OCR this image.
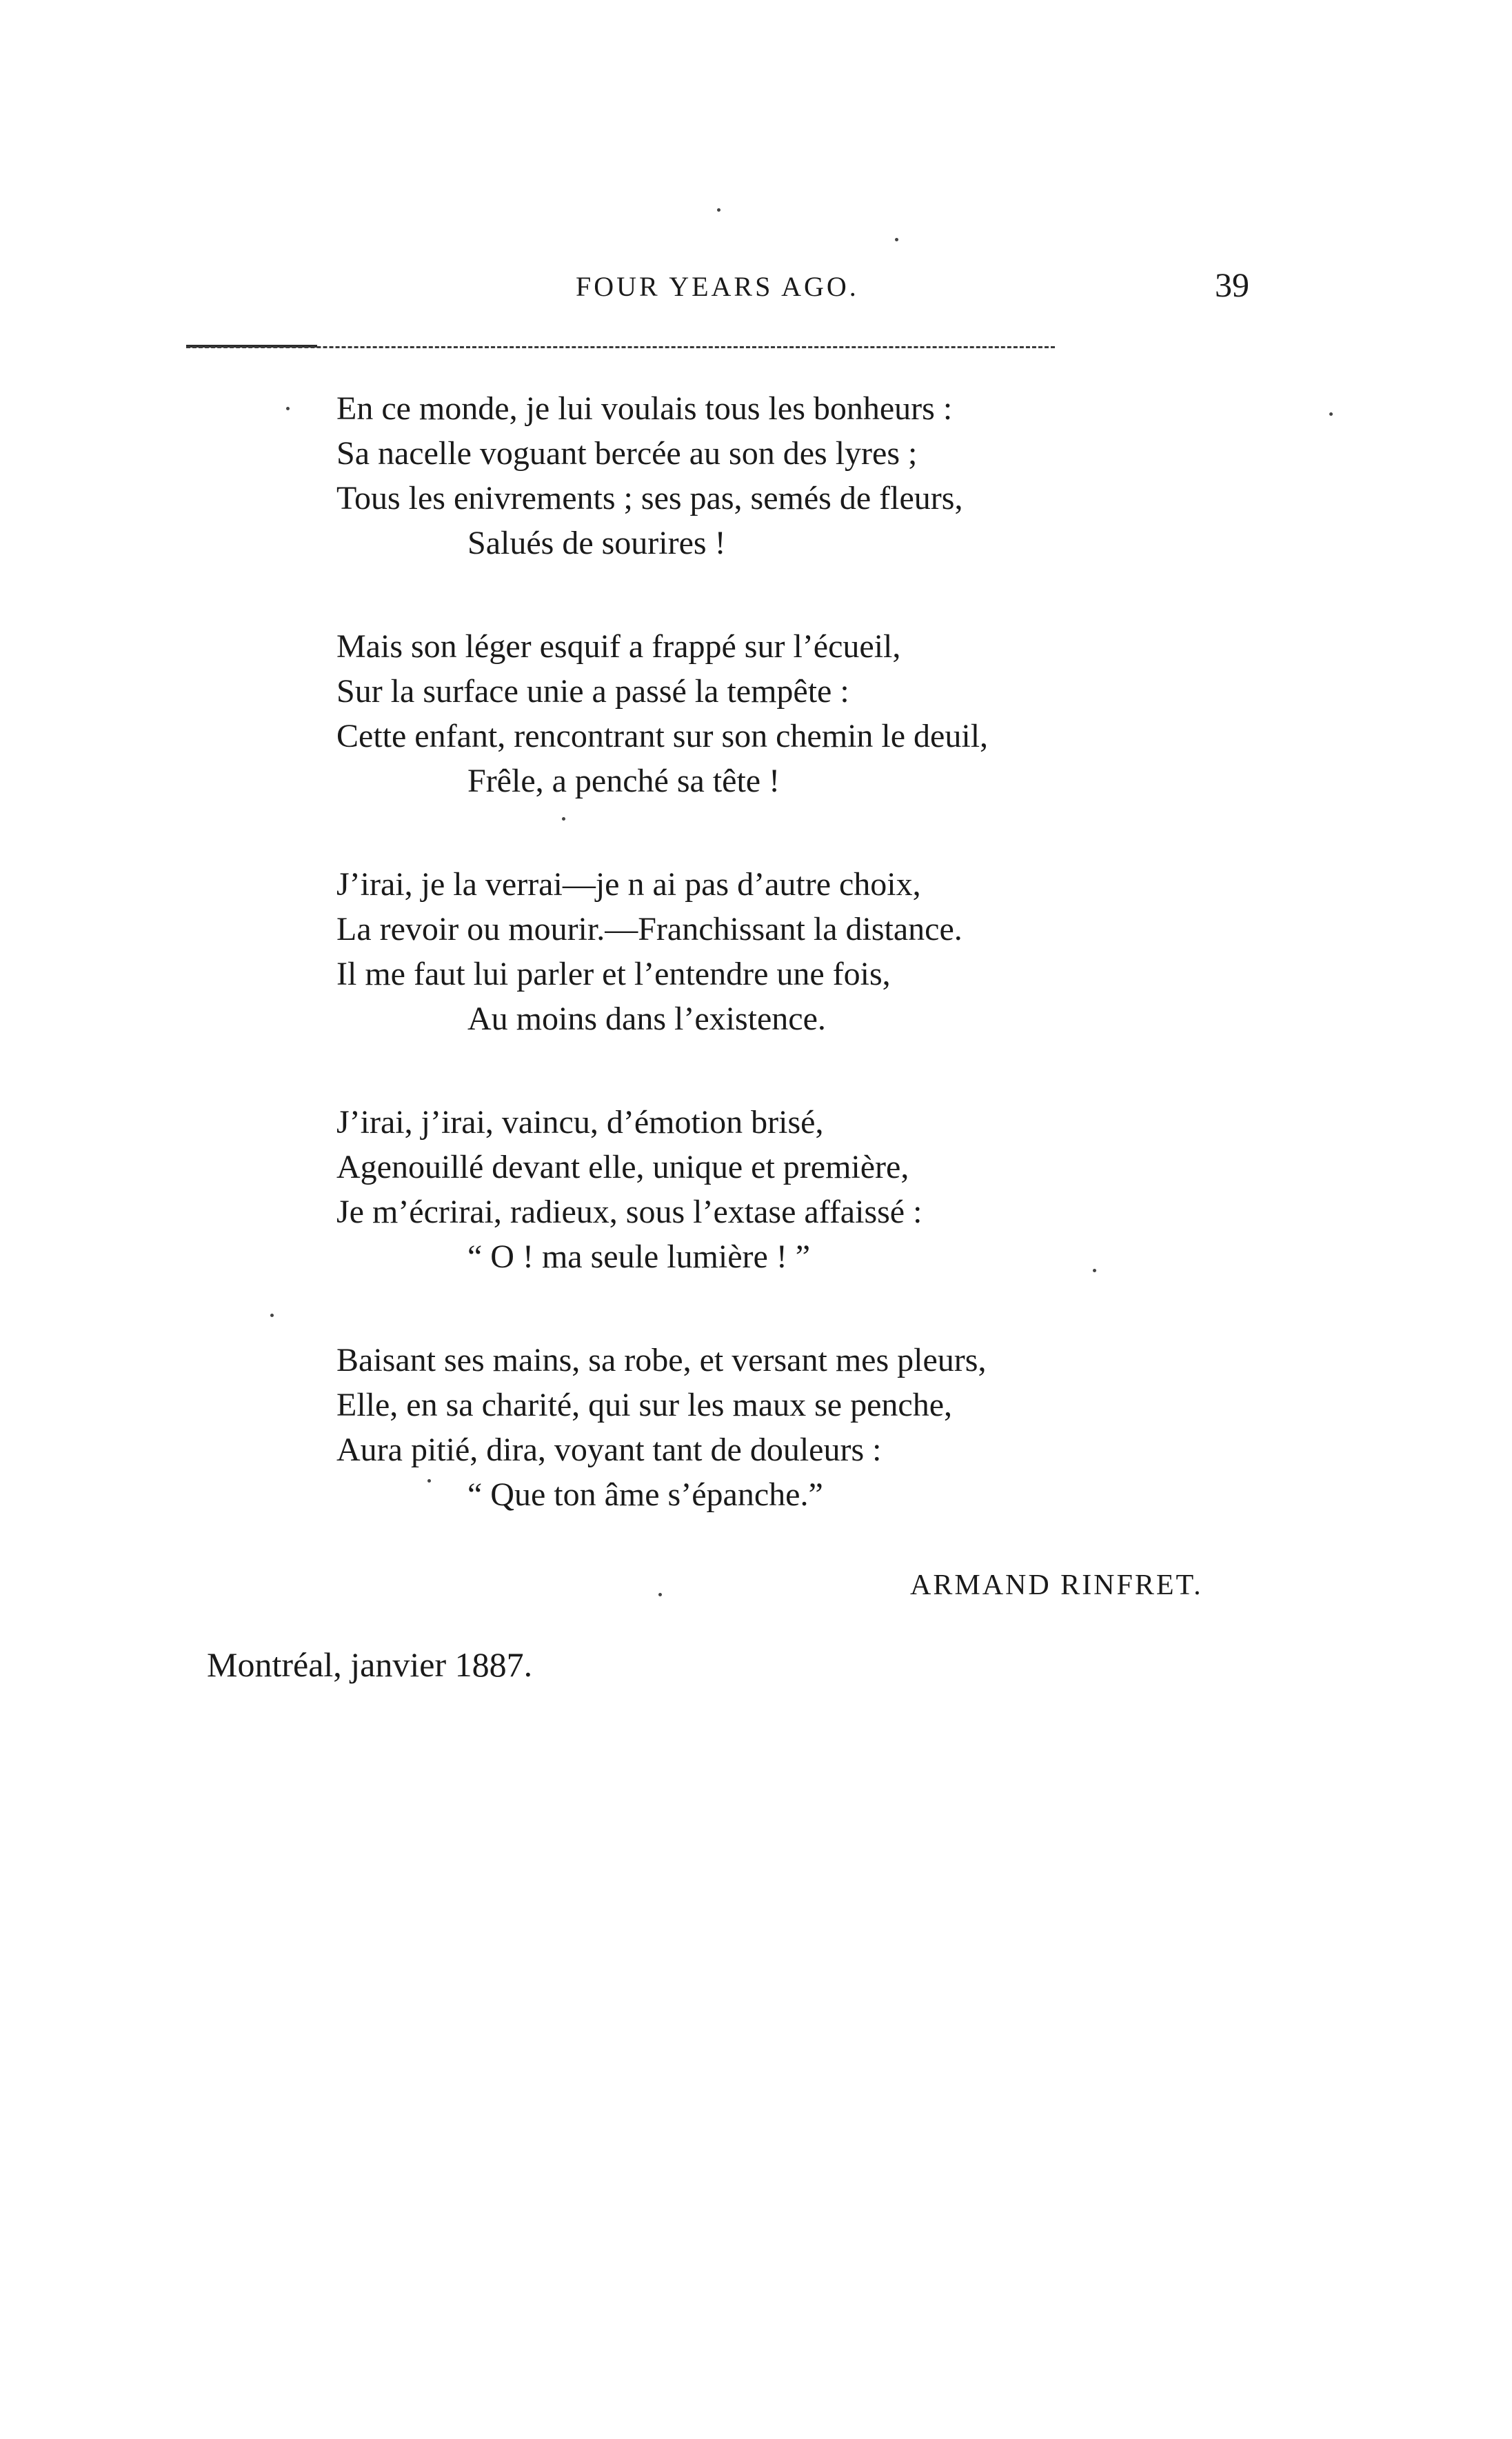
FOUR YEARS AGO.	39
En ce monde, je lui voulais tous les bonheurs :
Sa nacelle voguant bercée au son des lyres ;
Tous les enivrements ; ses pas, semés de fleurs,
Salués de sourires !
Mais son léger esquif a frappé sur l’écueil,
Sur la surface unie a passé la tempête :
Cette enfant, rencontrant sur son chemin le deuil,
Frêle, a penché sa tête !
J’irai, je la verrai—je n ai pas d’autre choix,
La revoir ou mourir.—Franchissant la distance.
Il me faut lui parler et l’entendre une fois,
Au moins dans l’existence.
J’irai, j’irai, vaincu, d’émotion brisé,
Agenouillé devant elle, unique et première,
Je m’écrirai, radieux, sous l’extase affaissé :
“ O ! ma seule lumière ! ”
Baisant ses mains, sa robe, et versant mes pleurs,
Elle, en sa charité, qui sur les maux se penche,
Aura pitié, dira, voyant tant de douleurs :
“ Que ton âme s’épanche.”
ARMAND RINFRET.
Montréal, janvier 1887.
